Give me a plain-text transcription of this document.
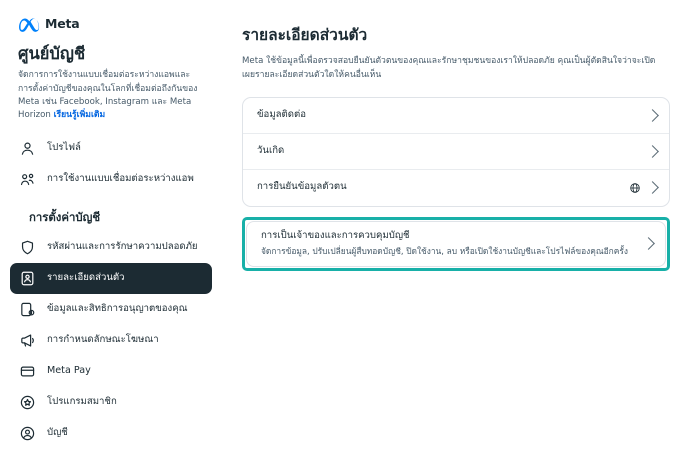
Meta
ศูนย์บัญชี
จัดการการใช้งานแบบเชื่อมต่อระหว่างแอพและการตั้งค่าบัญชีของคุณในโลกที่เชื่อมต่อถึงกันของ Meta เช่น Facebook, Instagram และ Meta Horizon เรียนรู้เพิ่มเติม
โปรไฟล์
การใช้งานแบบเชื่อมต่อระหว่างแอพ
การตั้งค่าบัญชี
รหัสผ่านและการรักษาความปลอดภัย
รายละเอียดส่วนตัว
ข้อมูลและสิทธิการอนุญาตของคุณ
การกำหนดลักษณะโฆษณา
Meta Pay
โปรแกรมสมาชิก
บัญชี
รายละเอียดส่วนตัว

Meta ใช้ข้อมูลนี้เพื่อตรวจสอบยืนยันตัวตนของคุณและรักษาชุมชนของเราให้ปลอดภัย คุณเป็นผู้ตัดสินใจว่าจะเปิดเผยรายละเอียดส่วนตัวใดให้คนอื่นเห็น

ข้อมูลติดต่อ
วันเกิด
การยืนยันข้อมูลตัวตน
การเป็นเจ้าของและการควบคุมบัญชี
จัดการข้อมูล, ปรับเปลี่ยนผู้สืบทอดบัญชี, ปิดใช้งาน, ลบ หรือเปิดใช้งานบัญชีและโปรไฟล์ของคุณอีกครั้ง
